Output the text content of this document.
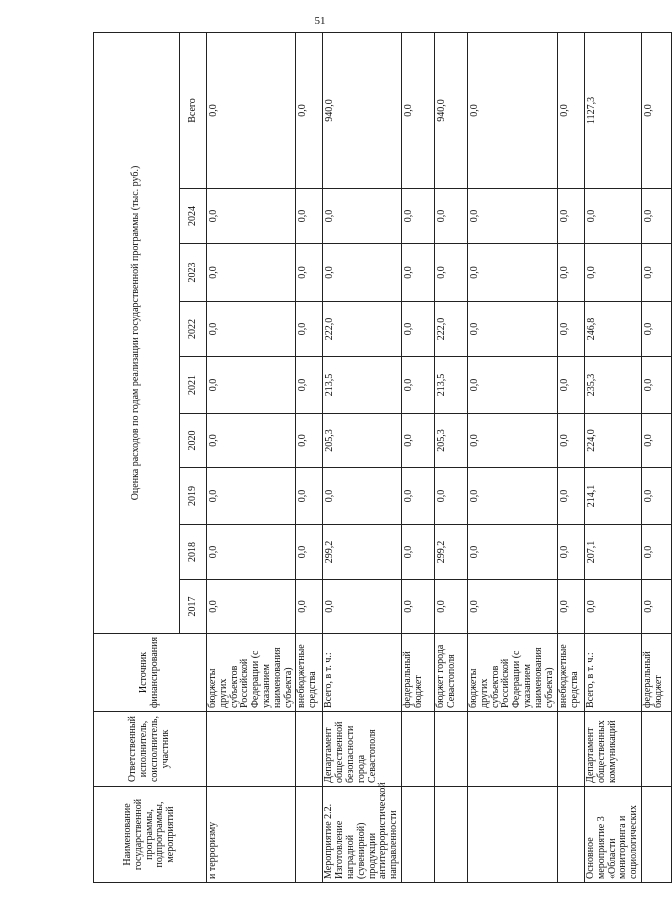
51
Наименование государственной программы, подпрограммы, мероприятий	Ответственный исполнитель, соисполнитель, участник	Источник финансирования	Оценка расходов по годам реализации государственной программы (тыс. руб.)								
			2017	2018	2019	2020	2021	2022	2023	2024	Всего
и терроризму		бюджеты других субъектов Российской Федерации (с указанием наименования субъекта)	0,0	0,0	0,0	0,0	0,0	0,0	0,0	0,0	0,0
		внебюджетные средства	0,0	0,0	0,0	0,0	0,0	0,0	0,0	0,0	0,0
Мероприятие 2.2. Изготовление наградной (сувенирной) продукции антитеррористической направленности	Департамент общественной безопасности города Севастополя	Всего, в т. ч.:	0,0	299,2	0,0	205,3	213,5	222,0	0,0	0,0	940,0
		федеральный бюджет	0,0	0,0	0,0	0,0	0,0	0,0	0,0	0,0	0,0
		бюджет города Севастополя	0,0	299,2	0,0	205,3	213,5	222,0	0,0	0,0	940,0
		бюджеты других субъектов Российской Федерации (с указанием наименования субъекта)	0,0	0,0	0,0	0,0	0,0	0,0	0,0	0,0	0,0
		внебюджетные средства	0,0	0,0	0,0	0,0	0,0	0,0	0,0	0,0	0,0
Основное мероприятие 3 «Области мониторинга и социологических	Департамент общественных коммуникаций	Всего, в т. ч.:	0,0	207,1	214,1	224,0	235,3	246,8	0,0	0,0	1127,3
		федеральный бюджет	0,0	0,0	0,0	0,0	0,0	0,0	0,0	0,0	0,0
